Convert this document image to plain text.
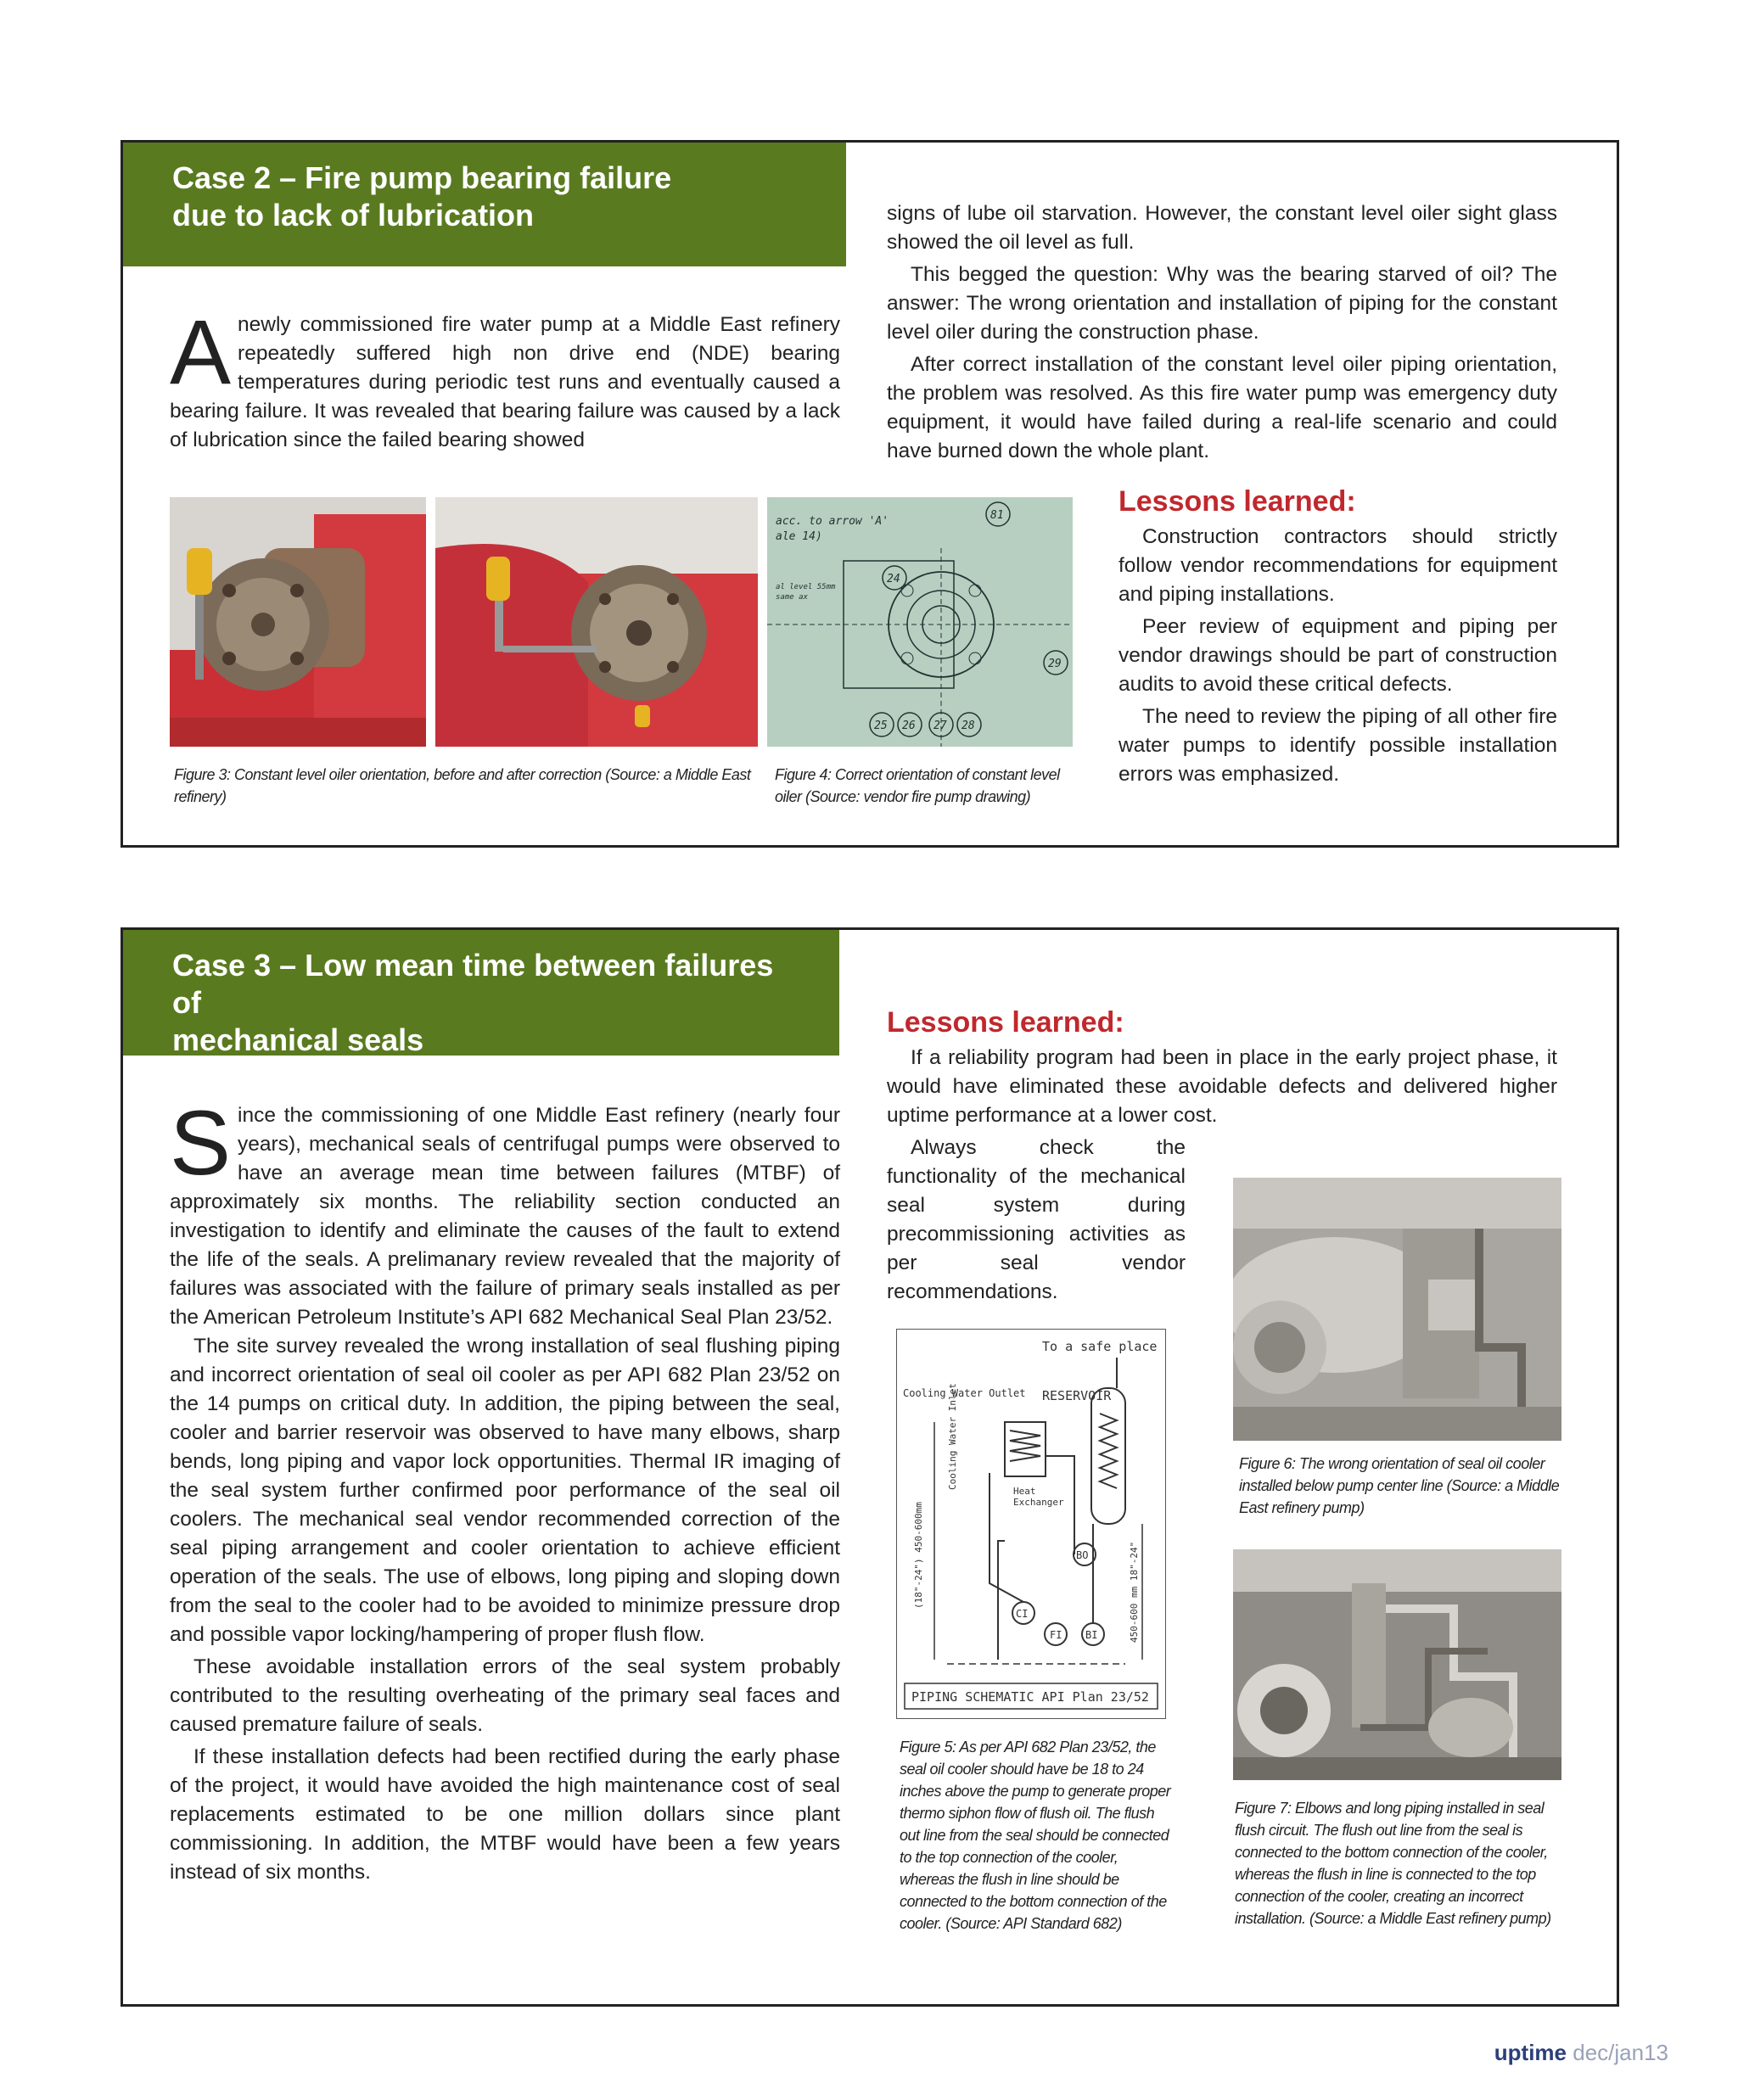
Case 2 – Fire pump bearing failure
due to lack of lubrication

Anewly commissioned fire water pump at a Middle East refinery repeatedly suffered high non drive end (NDE) bearing temperatures during periodic test runs and eventually caused a bearing failure. It was revealed that bearing failure was caused by a lack of lubrication since the failed bearing showed

signs of lube oil starvation. However, the constant level oiler sight glass showed the oil level as full.

This begged the question: Why was the bearing starved of oil? The answer: The wrong orientation and installation of piping for the constant level oiler during the construction phase.

After correct installation of the constant level oiler piping orientation, the problem was resolved. As this fire water pump was emergency duty equipment, it would have failed during a real-life scenario and could have burned down the whole plant.

Lessons learned:

Construction contractors should strictly follow vendor recommendations for equipment and piping installations.

Peer review of equipment and piping per vendor drawings should be part of construction audits to avoid these critical defects.

The need to review the piping of all other fire water pumps to identify possible installation errors was emphasized.

acc. to arrow 'A'
ale 14)
al level 55mm
same ax
81
24
29
25 26 27 28
Figure 3: Constant level oiler orientation, before and after correction (Source: a Middle East refinery)
Figure 4: Correct orientation of constant level oiler (Source: vendor fire pump drawing)
Case 3 – Low mean time between failures of
mechanical seals

Since the commissioning of one Middle East refinery (nearly four years), mechanical seals of centrifugal pumps were observed to have an average mean time between failures (MTBF) of approximately six months. The reliability section conducted an investigation to identify and eliminate the causes of the fault to extend the life of the seals. A prelimanary review revealed that the majority of failures was associated with the failure of primary seals installed as per the American Petroleum Institute’s API 682 Mechanical Seal Plan 23/52.

The site survey revealed the wrong installation of seal flushing piping and incorrect orientation of seal oil cooler as per API 682 Plan 23/52 on the 14 pumps on critical duty. In addition, the piping between the seal, cooler and barrier reservoir was observed to have many elbows, sharp bends, long piping and vapor lock opportunities. Thermal IR imaging of the seal system further confirmed poor performance of the seal oil coolers. The mechanical seal vendor recommended correction of the seal piping arrangement and cooler orientation to achieve efficient operation of the seals. The use of elbows, long piping and sloping down from the seal to the cooler had to be avoided to minimize pressure drop and possible vapor locking/hampering of proper flush flow.

These avoidable installation errors of the seal system probably contributed to the resulting overheating of the primary seal faces and caused premature failure of seals.

If these installation defects had been rectified during the early phase of the project, it would have avoided the high maintenance cost of seal replacements estimated to be one million dollars since plant commissioning. In addition, the MTBF would have been a few years instead of six months.

Lessons learned:

If a reliability program had been in place in the early project phase, it would have eliminated these avoidable defects and delivered higher uptime performance at a lower cost.

Always check the functionality of the mechanical seal system during precommissioning activities as per seal vendor recommendations.

To a safe place
Cooling Water Outlet RESERVOIR
Heat
Exchanger
Cooling Water Inlet
(18"-24") 450-600mm	450-600 mm 18"-24"
BO
BI
CI
FI
PIPING SCHEMATIC API Plan 23/52
Figure 5: As per API 682 Plan 23/52, the seal oil cooler should have be 18 to 24 inches above the pump to generate proper thermo siphon flow of flush oil. The flush out line from the seal should be connected to the top connection of the cooler, whereas the flush in line should be connected to the bottom connection of the cooler. (Source: API Standard 682)
Figure 6: The wrong orientation of seal oil cooler installed below pump center line (Source: a Middle East refinery pump)
Figure 7: Elbows and long piping installed in seal flush circuit. The flush out line from the seal is connected to the bottom connection of the cooler, whereas the flush in line is connected to the top connection of the cooler, creating an incorrect installation. (Source: a Middle East refinery pump)
uptime dec/jan13
